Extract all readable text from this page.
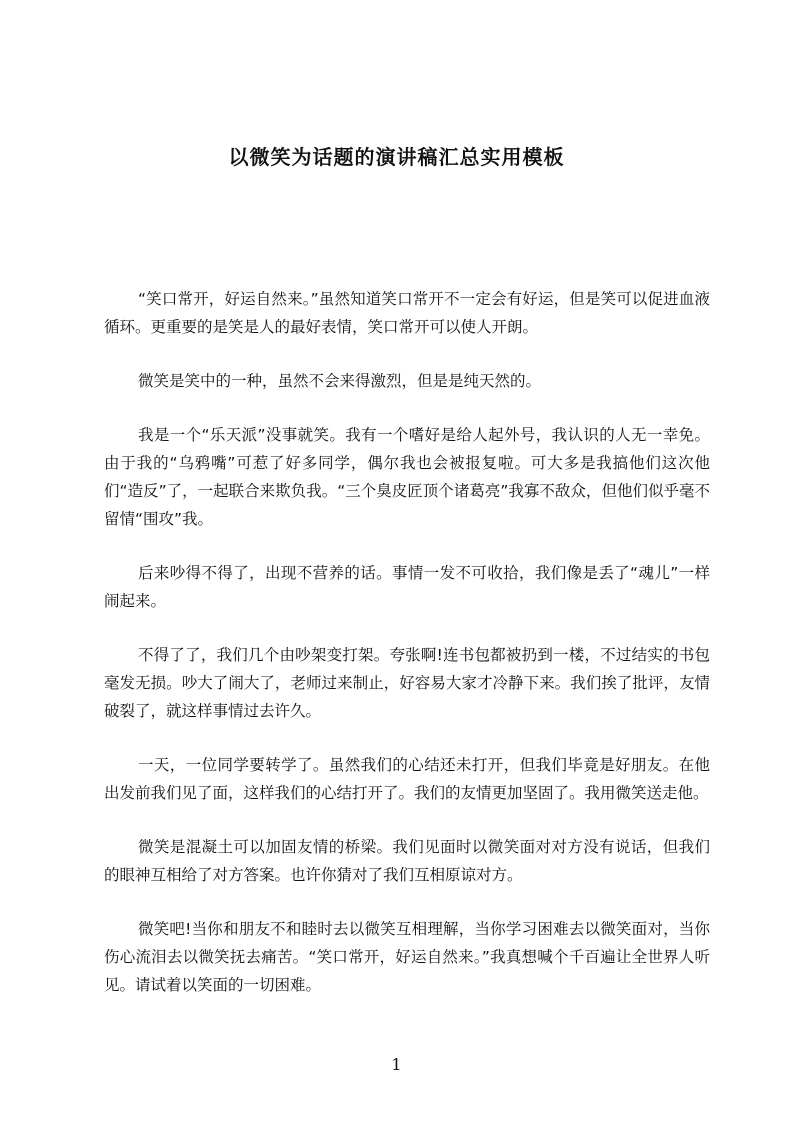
以微笑为话题的演讲稿汇总实用模板

“笑口常开，好运自然来。”虽然知道笑口常开不一定会有好运，但是笑可以促进血液循环。更重要的是笑是人的最好表情，笑口常开可以使人开朗。

微笑是笑中的一种，虽然不会来得激烈，但是是纯天然的。

我是一个“乐天派”没事就笑。我有一个嗜好是给人起外号，我认识的人无一幸免。由于我的“乌鸦嘴”可惹了好多同学，偶尔我也会被报复啦。可大多是我搞他们这次他们“造反”了，一起联合来欺负我。“三个臭皮匠顶个诸葛亮”我寡不敌众，但他们似乎毫不留情“围攻”我。

后来吵得不得了，出现不营养的话。事情一发不可收拾，我们像是丢了“魂儿”一样闹起来。

不得了了，我们几个由吵架变打架。夸张啊!连书包都被扔到一楼，不过结实的书包毫发无损。吵大了闹大了，老师过来制止，好容易大家才冷静下来。我们挨了批评，友情破裂了，就这样事情过去许久。

一天，一位同学要转学了。虽然我们的心结还未打开，但我们毕竟是好朋友。在他出发前我们见了面，这样我们的心结打开了。我们的友情更加坚固了。我用微笑送走他。

微笑是混凝土可以加固友情的桥梁。我们见面时以微笑面对对方没有说话，但我们的眼神互相给了对方答案。也许你猜对了我们互相原谅对方。

微笑吧!当你和朋友不和睦时去以微笑互相理解，当你学习困难去以微笑面对，当你伤心流泪去以微笑抚去痛苦。“笑口常开，好运自然来。”我真想喊个千百遍让全世界人听见。请试着以笑面的一切困难。

1
